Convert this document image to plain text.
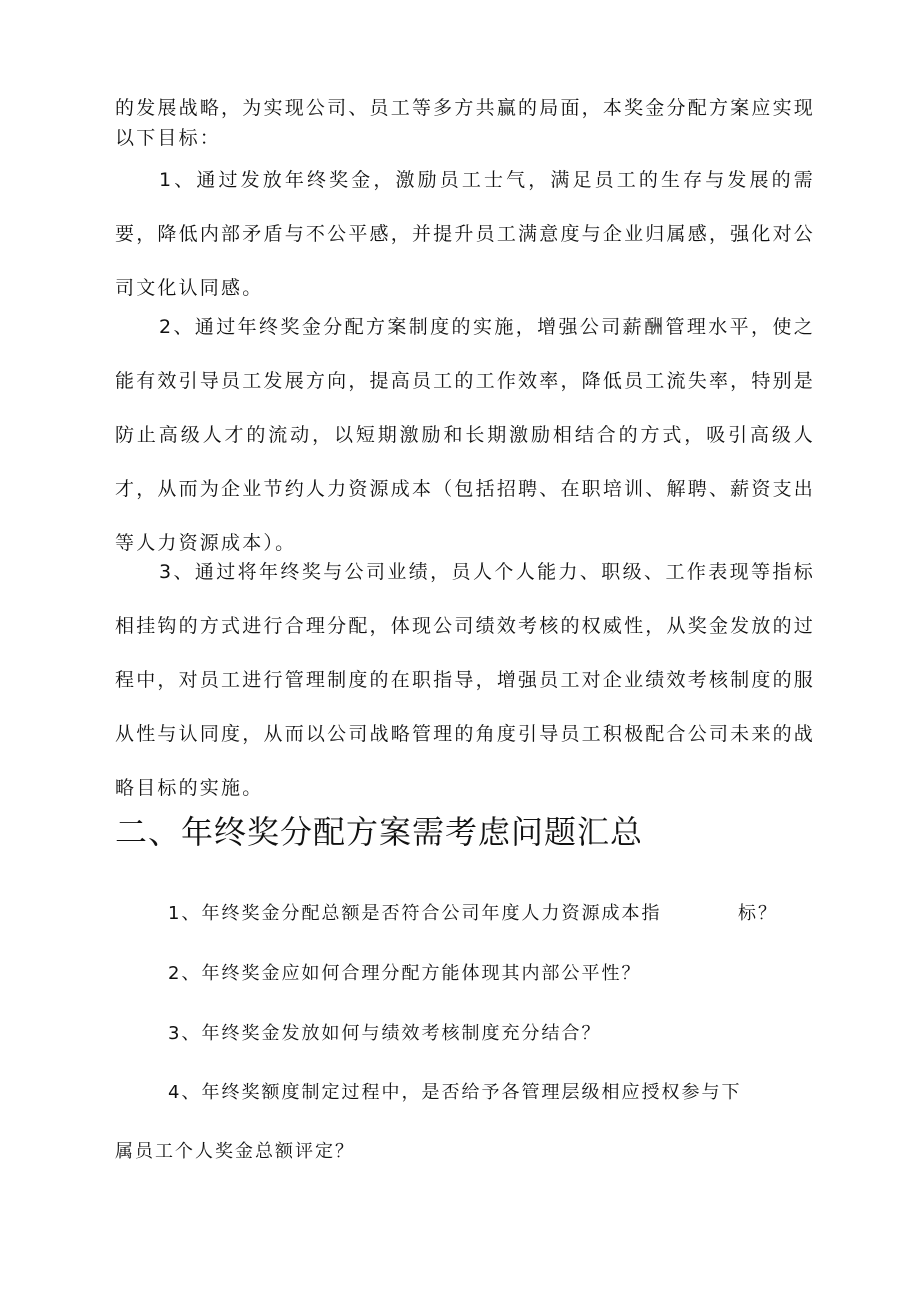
的发展战略，为实现公司、员工等多方共赢的局面，本奖金分配方案应实现以下目标：

1、通过发放年终奖金，激励员工士气，满足员工的生存与发展的需要，降低内部矛盾与不公平感，并提升员工满意度与企业归属感，强化对公司文化认同感。

2、通过年终奖金分配方案制度的实施，增强公司薪酬管理水平，使之能有效引导员工发展方向，提高员工的工作效率，降低员工流失率，特别是防止高级人才的流动，以短期激励和长期激励相结合的方式，吸引高级人才，从而为企业节约人力资源成本（包括招聘、在职培训、解聘、薪资支出等人力资源成本）。

3、通过将年终奖与公司业绩，员人个人能力、职级、工作表现等指标相挂钩的方式进行合理分配，体现公司绩效考核的权威性，从奖金发放的过程中，对员工进行管理制度的在职指导，增强员工对企业绩效考核制度的服从性与认同度，从而以公司战略管理的角度引导员工积极配合公司未来的战略目标的实施。

二、年终奖分配方案需考虑问题汇总
1、年终奖金分配总额是否符合公司年度人力资源成本指	标？
2、年终奖金应如何合理分配方能体现其内部公平性？
3、年终奖金发放如何与绩效考核制度充分结合？
4、年终奖额度制定过程中，是否给予各管理层级相应授权参与下
属员工个人奖金总额评定？
